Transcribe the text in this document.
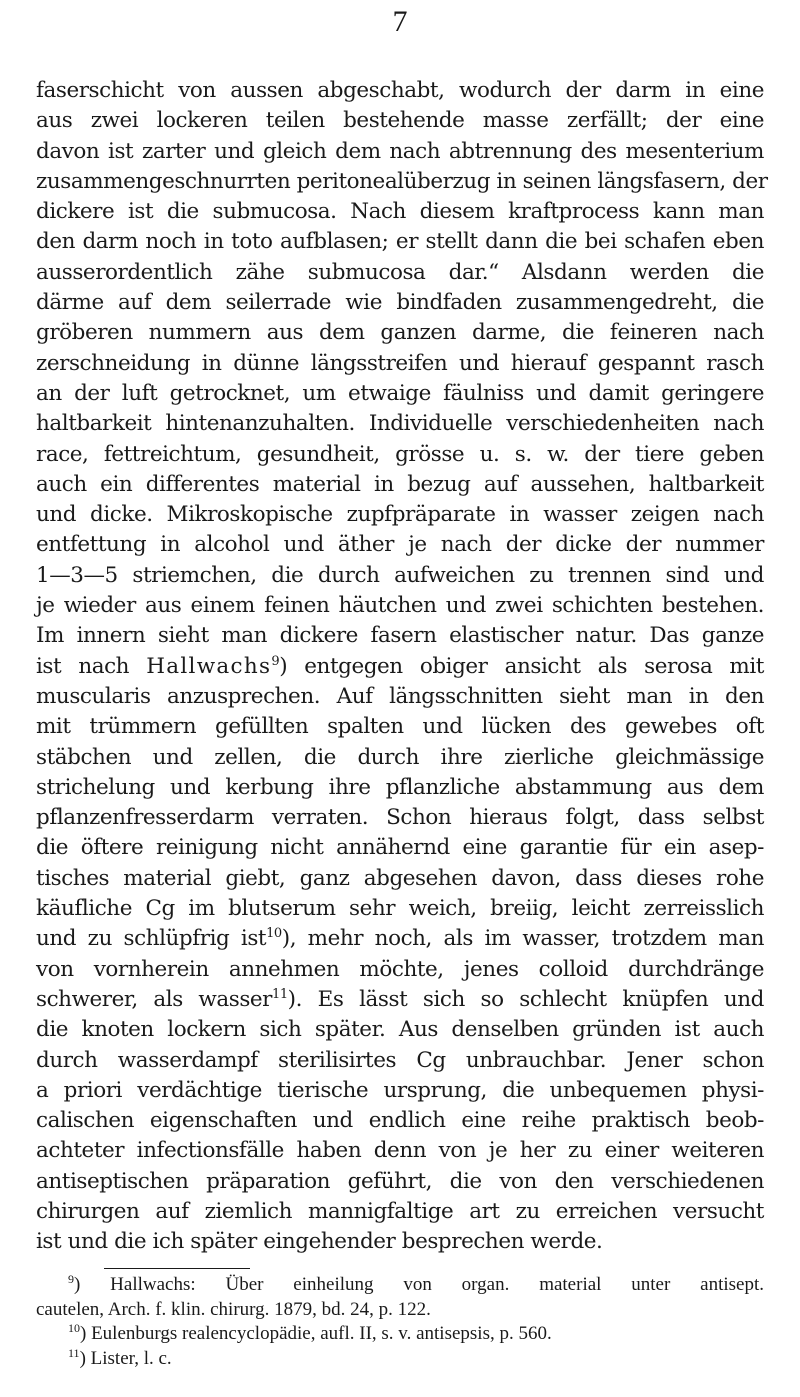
7
faserschicht von aussen abgeschabt, wodurch der darm in eine
aus zwei lockeren teilen bestehende masse zerfällt; der eine
davon ist zarter und gleich dem nach abtrennung des mesenterium
zusammengeschnurrten peritonealüberzug in seinen längsfasern, der
dickere ist die submucosa. Nach diesem kraftprocess kann man
den darm noch in toto aufblasen; er stellt dann die bei schafen eben
ausserordentlich zähe submucosa dar.“ Alsdann werden die
därme auf dem seilerrade wie bindfaden zusammengedreht, die
gröberen nummern aus dem ganzen darme, die feineren nach
zerschneidung in dünne längsstreifen und hierauf gespannt rasch
an der luft getrocknet, um etwaige fäulniss und damit geringere
haltbarkeit hintenanzuhalten. Individuelle verschiedenheiten nach
race, fettreichtum, gesundheit, grösse u. s. w. der tiere geben
auch ein differentes material in bezug auf aussehen, haltbarkeit
und dicke. Mikroskopische zupfpräparate in wasser zeigen nach
entfettung in alcohol und äther je nach der dicke der nummer
1—3—5 striemchen, die durch aufweichen zu trennen sind und
je wieder aus einem feinen häutchen und zwei schichten bestehen.
Im innern sieht man dickere fasern elastischer natur. Das ganze
ist nach Hallwachs$^9$) entgegen obiger ansicht als serosa mit
muscularis anzusprechen. Auf längsschnitten sieht man in den
mit trümmern gefüllten spalten und lücken des gewebes oft
stäbchen und zellen, die durch ihre zierliche gleichmässige
strichelung und kerbung ihre pflanzliche abstammung aus dem
pflanzenfresserdarm verraten. Schon hieraus folgt, dass selbst
die öftere reinigung nicht annähernd eine garantie für ein asep-
tisches material giebt, ganz abgesehen davon, dass dieses rohe
käufliche Cg im blutserum sehr weich, breiig, leicht zerreisslich
und zu schlüpfrig ist$^{10}$), mehr noch, als im wasser, trotzdem man
von vornherein annehmen möchte, jenes colloid durchdränge
schwerer, als wasser$^{11}$). Es lässt sich so schlecht knüpfen und
die knoten lockern sich später. Aus denselben gründen ist auch
durch wasserdampf sterilisirtes Cg unbrauchbar. Jener schon
a priori verdächtige tierische ursprung, die unbequemen physi-
calischen eigenschaften und endlich eine reihe praktisch beob-
achteter infectionsfälle haben denn von je her zu einer weiteren
antiseptischen präparation geführt, die von den verschiedenen
chirurgen auf ziemlich mannigfaltige art zu erreichen versucht
ist und die ich später eingehender besprechen werde.
$^9$) Hallwachs: Über einheilung von organ. material unter antisept.
cautelen, Arch. f. klin. chirurg. 1879, bd. 24, p. 122.
$^{10}$) Eulenburgs realencyclopädie, aufl. II, s. v. antisepsis, p. 560.
$^{11}$) Lister, l. c.
